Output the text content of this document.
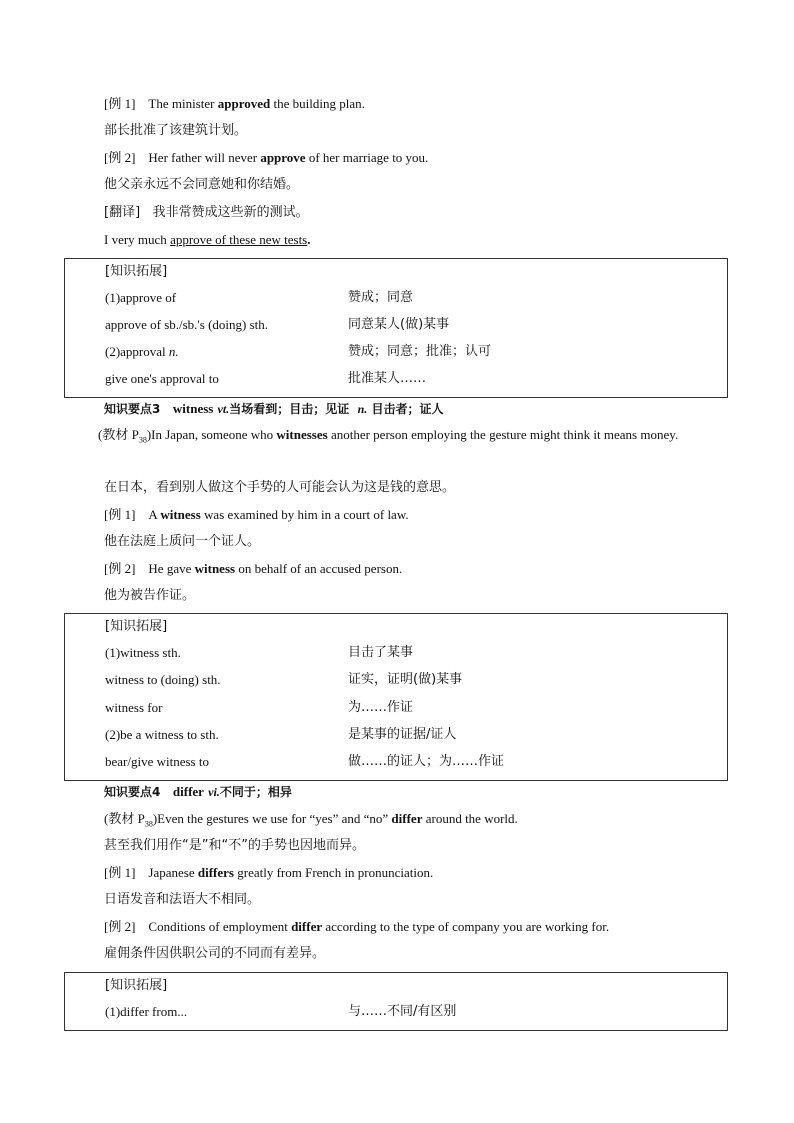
[例 1] The minister approved the building plan.
部长批准了该建筑计划。
[例 2] Her father will never approve of her marriage to you.
他父亲永远不会同意她和你结婚。
[翻译] 我非常赞成这些新的测试。
I very much approve of these new tests.
[知识拓展]
(1)approve of	赞成；同意
approve of sb./sb.'s (doing) sth.	同意某人(做)某事
(2)approval n.	赞成；同意；批准；认可
give one's approval to	批准某人……
知识要点3 witness vt.当场看到；目击；见证 n. 目击者；证人
(教材 $P_{38})In$ Japan, someone who witnesses another person employing the gesture might think it means money.
在日本，看到别人做这个手势的人可能会认为这是钱的意思。
[例 1] A witness was examined by him in a court of law.
他在法庭上质问一个证人。
[例 2] He gave witness on behalf of an accused person.
他为被告作证。
[知识拓展]
(1)witness sth.	目击了某事
witness to (doing) sth.	证实，证明(做)某事
witness for	为……作证
(2)be a witness to sth.	是某事的证据/证人
bear/give witness to	做……的证人；为……作证
知识要点4 differ vi.不同于；相异
(教材 $P_{38})Even$ the gestures we use for “yes” and “no” differ around the world.
甚至我们用作“是”和“不”的手势也因地而异。
[例 1] Japanese differs greatly from French in pronunciation.
日语发音和法语大不相同。
[例 2] Conditions of employment differ according to the type of company you are working for.
雇佣条件因供职公司的不同而有差异。
[知识拓展]
(1)differ from...	与……不同/有区别
